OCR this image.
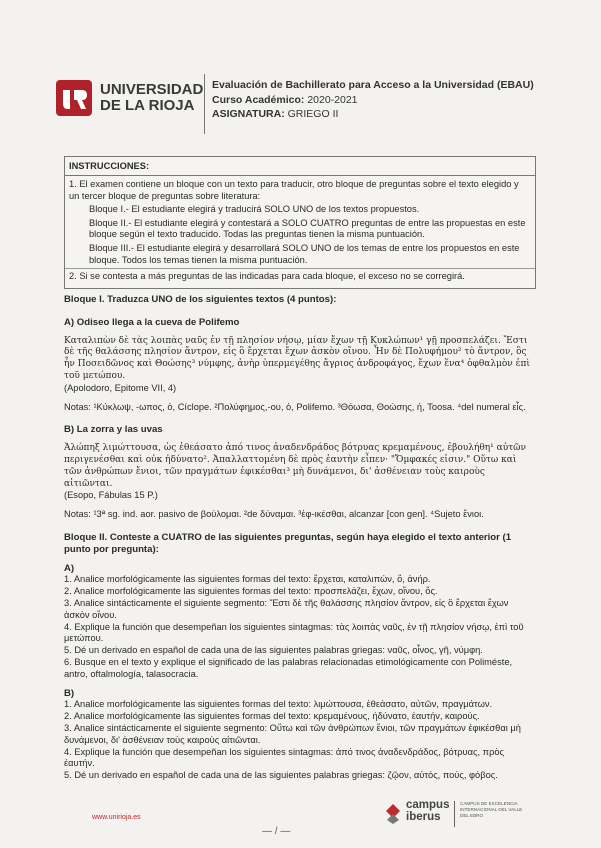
UNIVERSIDAD
DE LA RIOJA
Evaluación de Bachillerato para Acceso a la Universidad (EBAU)
Curso Académico: 2020-2021
ASIGNATURA: GRIEGO II
INSTRUCCIONES:

1. El examen contiene un bloque con un texto para traducir, otro bloque de preguntas sobre el texto elegido y un tercer bloque de preguntas sobre literatura:

Bloque I.- El estudiante elegirá y traducirá SOLO UNO de los textos propuestos.

Bloque II.- El estudiante elegirá y contestará a SOLO CUATRO preguntas de entre las propuestas en este bloque según el texto traducido. Todas las preguntas tienen la misma puntuación.

Bloque III.- El estudiante elegirá y desarrollará SOLO UNO de los temas de entre los propuestos en este bloque. Todos los temas tienen la misma puntuación.

2. Si se contesta a más preguntas de las indicadas para cada bloque, el exceso no se corregirá.

Bloque I. Traduzca UNO de los siguientes textos (4 puntos):

A) Odiseo llega a la cueva de Polifemo

Καταλιπὼν δὲ τὰς λοιπὰς ναῦς ἐν τῇ πλησίον νήσῳ, μίαν ἔχων τῇ Κυκλώπων¹ γῇ προσπελάζει. Ἔστι δὲ τῆς θαλάσσης πλησίον ἄντρον, εἰς ὃ ἔρχεται ἔχων ἀσκὸν οἴνου. Ἦν δὲ Πολυφήμου² τὸ ἄντρον, ὃς ἦν Ποσειδῶνος καὶ Θοώσης³ νύμφης, ἀνὴρ ὑπερμεγέθης ἄγριος ἀνδροφάγος, ἔχων ἕνα⁴ ὀφθαλμὸν ἐπὶ τοῦ μετώπου.

(Apolodoro, Epitome VII, 4)

Notas: ¹Κύκλωψ, -ωπος, ὁ, Cíclope. ²Πολύφημος,-ου, ὁ, Polifemo. ³Θόωσα, Θοώσης, ἡ, Toosa. ⁴del numeral εἷς.

B) La zorra y las uvas

Ἀλώπηξ λιμώττουσα, ὡς ἐθεάσατο ἀπό τινος ἀναδενδράδος βότρυας κρεμαμένους, ἐβουλήθη¹ αὐτῶν περιγενέσθαι καὶ οὐκ ἠδύνατο². Ἀπαλλαττομένη δὲ πρὸς ἑαυτὴν εἶπεν· "Ὄμφακές εἰσιν." Οὕτω καὶ τῶν ἀνθρώπων ἔνιοι, τῶν πραγμάτων ἐφικέσθαι³ μὴ δυνάμενοι, δι' ἀσθένειαν τοὺς καιροὺς αἰτιῶνται.

(Esopo, Fábulas 15 P.)

Notas: ¹3ª sg. ind. aor. pasivo de βούλομαι. ²de δύναμαι. ³ἐφ-ικέσθαι, alcanzar [con gen]. ⁴Sujeto ἔνιοι.

Bloque II. Conteste a CUATRO de las siguientes preguntas, según haya elegido el texto anterior (1 punto por pregunta):

A)

1. Analice morfológicamente las siguientes formas del texto: ἔρχεται, καταλιπών, ὅ, ἀνήρ.

2. Analice morfológicamente las siguientes formas del texto: προσπελάζει, ἔχων, οἴνου, ὅς.

3. Analice sintácticamente el siguiente segmento: Ἔστι δὲ τῆς θαλάσσης πλησίον ἄντρον, εἰς ὃ ἔρχεται ἔχων ἀσκὸν οἴνου.

4. Explique la función que desempeñan los siguientes sintagmas: τὰς λοιπὰς ναῦς, ἐν τῇ πλησίον νήσῳ, ἐπὶ τοῦ μετώπου.

5. Dé un derivado en español de cada una de las siguientes palabras griegas: ναῦς, οἶνος, γῆ, νύμφη.

6. Busque en el texto y explique el significado de las palabras relacionadas etimológicamente con Poliméste, antro, oftalmología, talasocracia.

B)

1. Analice morfológicamente las siguientes formas del texto: λιμώττουσα, ἐθεάσατο, αὐτῶν, πραγμάτων.

2. Analice morfológicamente las siguientes formas del texto: κρεμαμένους, ἠδύνατο, ἑαυτήν, καιρούς.

3. Analice sintácticamente el siguiente segmento: Οὕτω καὶ τῶν ἀνθρώπων ἔνιοι, τῶν πραγμάτων ἐφικέσθαι μὴ δυνάμενοι, δι' ἀσθένειαν τοὺς καιροὺς αἰτιῶνται.

4. Explique la función que desempeñan los siguientes sintagmas: ἀπό τινος ἀναδενδράδος, βότρυας, πρὸς ἑαυτήν.

5. Dé un derivado en español de cada una de las siguientes palabras griegas: ζῷον, αὐτός, πούς, φόβος.

www.unirioja.es
— / —
campus
iberus
CAMPUS DE EXCELENCIA INTERNACIONAL DEL VALLE DEL EBRO
